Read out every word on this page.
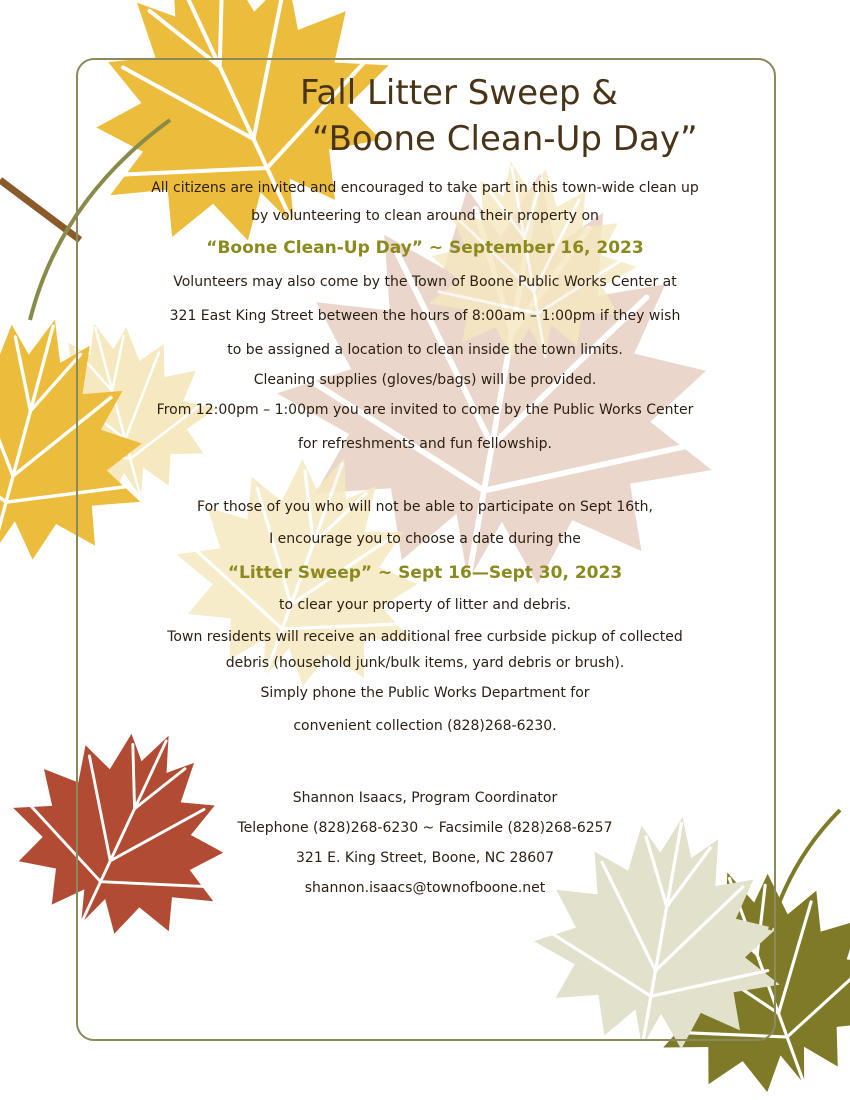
Fall Litter Sweep &

“Boone Clean-Up Day”
All citizens are invited and encouraged to take part in this town-wide clean up
by volunteering to clean around their property on
“Boone Clean-Up Day” ~ September 16, 2023
Volunteers may also come by the Town of Boone Public Works Center at
321 East King Street between the hours of 8:00am – 1:00pm if they wish
to be assigned a location to clean inside the town limits.
Cleaning supplies (gloves/bags) will be provided.
From 12:00pm – 1:00pm you are invited to come by the Public Works Center
for refreshments and fun fellowship.
For those of you who will not be able to participate on Sept 16th,
I encourage you to choose a date during the
“Litter Sweep” ~ Sept 16—Sept 30, 2023
to clear your property of litter and debris.
Town residents will receive an additional free curbside pickup of collected
debris (household junk/bulk items, yard debris or brush).
Simply phone the Public Works Department for
convenient collection (828)268-6230.
Shannon Isaacs, Program Coordinator
Telephone (828)268-6230 ~ Facsimile (828)268-6257
321 E. King Street, Boone, NC 28607
shannon.isaacs@townofboone.net
